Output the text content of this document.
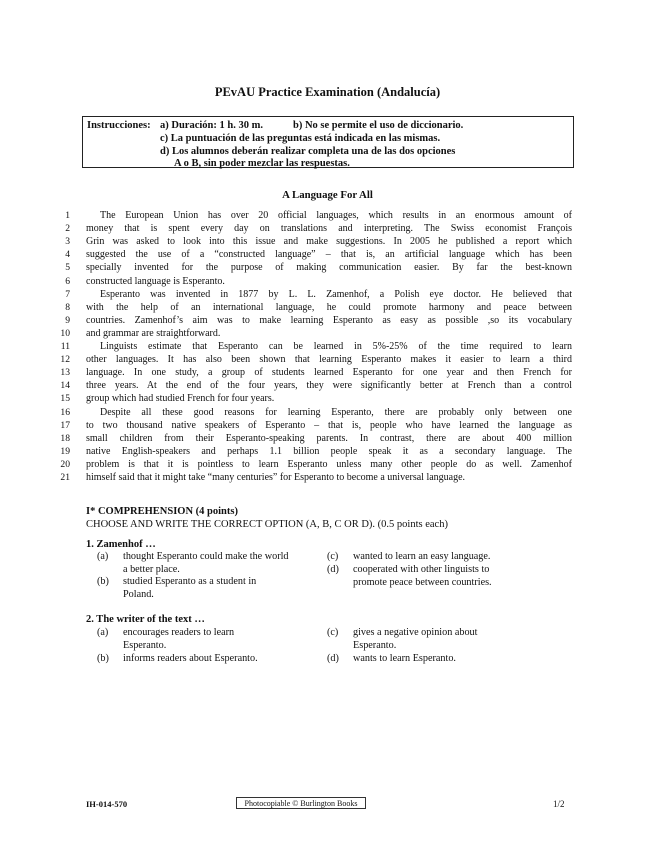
PEvAU Practice Examination (Andalucía)
Instrucciones: a) Duración: 1 h. 30 m.	b) No se permite el uso de diccionario.
c) La puntuación de las preguntas está indicada en las mismas.
d) Los alumnos deberán realizar completa una de las dos opciones
A o B, sin poder mezclar las respuestas.
A Language For All
1	The European Union has over 20 official languages, which results in an enormous amount of
2 money that is spent every day on translations and interpreting. The Swiss economist François
3 Grin was asked to look into this issue and make suggestions. In 2005 he published a report which
4 suggested the use of a “constructed language” – that is, an artificial language which has been
5 specially invented for the purpose of making communication easier. By far the best-known
6 constructed language is Esperanto.
7	Esperanto was invented in 1877 by L. L. Zamenhof, a Polish eye doctor. He believed that
8 with the help of an international language, he could promote harmony and peace between
9 countries. Zamenhof’s aim was to make learning Esperanto as easy as possible ,so its vocabulary
10 and grammar are straightforward.
11	Linguists estimate that Esperanto can be learned in 5%-25% of the time required to learn
12 other languages. It has also been shown that learning Esperanto makes it easier to learn a third
13 language. In one study, a group of students learned Esperanto for one year and then French for
14 three years. At the end of the four years, they were significantly better at French than a control
15 group which had studied French for four years.
16	Despite all these good reasons for learning Esperanto, there are probably only between one
17 to two thousand native speakers of Esperanto – that is, people who have learned the language as
18 small children from their Esperanto-speaking parents. In contrast, there are about 400 million
19 native English-speakers and perhaps 1.1 billion people speak it as a secondary language. The
20 problem is that it is pointless to learn Esperanto unless many other people do as well. Zamenhof
21 himself said that it might take “many centuries” for Esperanto to become a universal language.
I* COMPREHENSION (4 points)
CHOOSE AND WRITE THE CORRECT OPTION (A, B, C OR D). (0.5 points each)
1. Zamenhof …
(a)	thought Esperanto could make the world a better place.
(b)	studied Esperanto as a student in Poland.
(c)	wanted to learn an easy language.
(d)	cooperated with other linguists to promote peace between countries.
2. The writer of the text …
(a)	encourages readers to learn Esperanto.
(b)	informs readers about Esperanto.
(c)	gives a negative opinion about Esperanto.
(d)	wants to learn Esperanto.
IH-014-570	Photocopiable © Burlington Books	1/2
